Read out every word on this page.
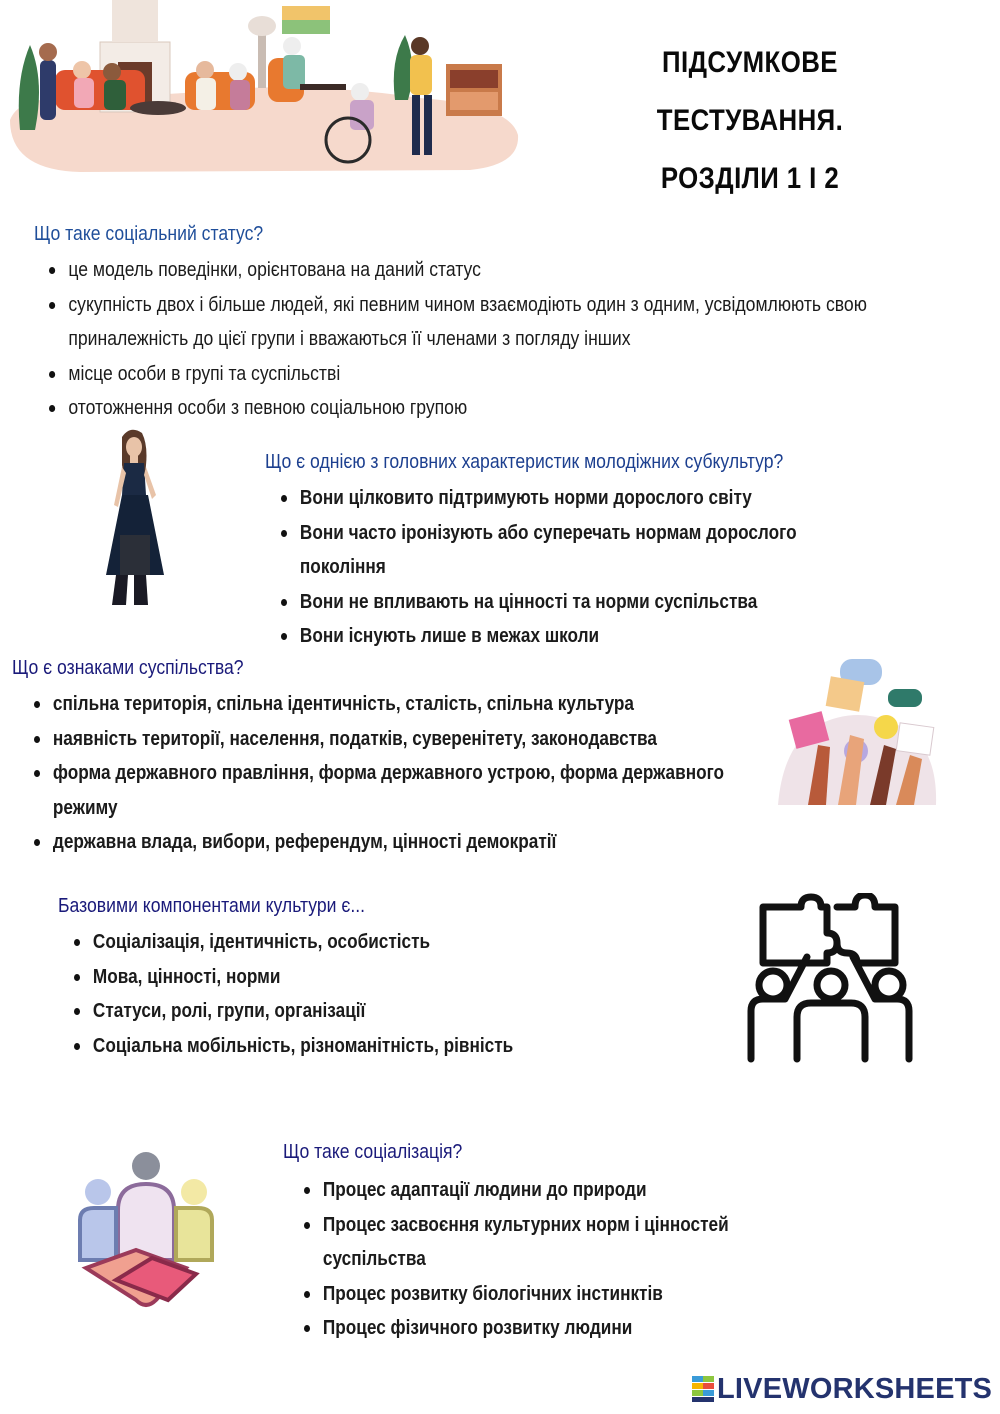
ПІДСУМКОВЕ ТЕСТУВАННЯ.
РОЗДІЛИ 1 І 2
Що таке соціальний статус?
це модель поведінки, орієнтована на даний статус
сукупність двох і більше людей, які певним чином взаємодіють один з одним, усвідомлюють свою приналежність до цієї групи і вважаються її членами з погляду інших
місце особи в групі та суспільстві
ототожнення особи з певною соціальною групою
Що є однією з головних характеристик молодіжних субкультур?
Вони цілковито підтримують норми дорослого світу
Вони часто іронізують або суперечать нормам дорослого покоління
Вони не впливають на цінності та норми суспільства
Вони існують лише в межах школи
Що є ознаками суспільства?
спільна територія, спільна ідентичність, сталість, спільна культура
наявність території, населення, податків, суверенітету, законодавства
форма державного правління, форма державного устрою, форма державного режиму
державна влада, вибори, референдум, цінності демократії
Базовими компонентами культури є...
Соціалізація, ідентичність, особистість
Мова, цінності, норми
Статуси, ролі, групи, організації
Соціальна мобільність, різноманітність, рівність
Що таке соціалізація?
Процес адаптації людини до природи
Процес засвоєння культурних норм і цінностей суспільства
Процес розвитку біологічних інстинктів
Процес фізичного розвитку людини
LIVEWORKSHEETS
